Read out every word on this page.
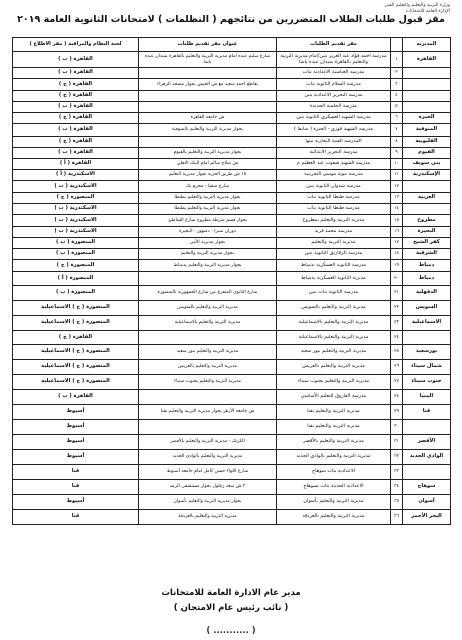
وزارة التربية والتعليم والتعليم الفني
الإدارة العامة للامتحانات
مقر قبول طلبات الطلاب المتضررين من نتائجهم ( التظلمات ) لامتحانات الثانوية العامة ٢٠١٩
المديرية		مقر تقديم الطلبات	عنوان مقر تقديم طلبات	لجنة النظام والمراقبة ( مقر الاطلاع )
القاهرة	١	مدرسة احمد فؤاد عبد العزيز بنين/امام مديرية التربية والتعليم بالقاهرة بميدان عبده باشا	شارع سليم عبده امام مديرية التربية والتعليم بالقاهرة بميدان عبده باشا	القاهرة ( ب )
	٢	مدرسة العباسية الاعدادية بنات		القاهرة ( ب )
	٣	مدرسة السلام الثانوية بنات	تقاطع احمد سعيد مع ش الجيش بجوار مسجد الزهراء	القاهرة ( ج )
	٤	مدرسة التحرير الاعدادية بنين		القاهرة ( ج )
	٥	مدرسة الحلمية الجديدة		القاهرة ( ب )
الجيزة	٦	مدرسة الشهيد العسكري الثانوية بنين	ش جامعة القاهرة	القاهرة ( ج )
المنوفية	٧	مدرسة الشهيد فوزي - الجيزة ( سابقا )	بجوار مديرية التربية والتعليم بالمنوفية	القاهرة ( ب )
القليوبية	٨	المدرسة الفنية التجارية ببنها		القاهرة ( ج )
الفيوم	٩	مدرسة التحرير الابتدائية	بجوار مديرية التربية والتعليم بالفيوم	القاهرة ( ب )
بني سويف	١٠	مدرسة الشهيد صفوت عبد العظيم م	ش صلاح سالم امام البنك الاهلي	القاهرة ( أ )
الإسكندرية	١١	مدرسة نبوية موسى التجريبية	١٥ ش طريق الحرية بجوار مديرية التعليم	الاسكندرية ( أ )
	١٢	مدرسة شدوان الثانوية بنين	شارع منشا - محرم بك	الاسكندرية ( ب )
الغربية	١٣	مدرسة طنطا الثانوية بنات	بجوار مديرية التربية والتعليم بطنطا	المنصورة ( ج )
	١٤	مدرسة طنطا الثانوية بنات	بجوار مديرية التربية والتعليم بطنطا	الاسكندرية ( ب )
مطروح	١٥	مديرية التربية والتعليم بمطروح	بجوار قسم شرطة مطروح شارع الشاطئ	الاسكندرية ( ب )
البحيرة	١٦	مدرسة محمد فريد	دوران شبرا - دمنهور - البحيرة	الاسكندرية ( ب )
كفر الشيخ	١٧	مديرية التربية والتعليم	بجوار مديرية الأمن	المنصورة ( ب )
الشرقية	١٨	مدرسة الزقازيق الثانوية بنين	بجوار مديرية التربية والتعليم	المنصورة ( ب )
دمياط	١٩	مدرسة الثانوية العسكرية بدمياط	بجوار مديرية التربية والتعليم بدمياط	المنصورة ( ج )
دمياط	٢٠	مديرية الثانوية العسكرية بدمياط		المنصورة ( أ )
الدقهلية	٢١	مدرسة الثانوية بنات بنين	شارع الثانوي المتفرع من شارع الجمهورية بالمنصورة	المنصورة ( ب )
السويس	٢٢	مديرية التربية والتعليم بالسويس	مديرية التربية والتعليم بالسويس	المنصورة ( ج ) الاسماعيلية
الاسماعيلية	٢٣	مديرية التربية والتعليم بالاسماعيلية	مديرية التربية والتعليم بالاسماعيلية	المنصورة ( ج ) الاسماعيلية
	٢٤	مديرية التربية والتعليم بالاسماعيلية		القاهرة ( ج )
بورسعيد	٢٥	مديرية التربية والتعليم ببور سعيد	مديرية التربية والتعليم ببور سعيد	المنصورة ( ج ) الاسماعيلية
شمال سيناء	٢٦	مديرية التربية والتعليم بالعريش	مديرية التربية والتعليم بالعريش	المنصورة ( ج ) الاسماعيلية
جنوب سيناء	٢٧	مديرية التربية والتعليم بجنوب سيناء	مديرية التربية والتعليم بجنوب سيناء	المنصورة ( ج ) الاسماعيلية
المنيا	٢٨	مدرسة الفاروق للتعليم الأساسي		القاهرة ( ب )
قنا	٢٩	مديرية التربية والتعليم بقنا	ش جامعة الأزهر بجوار مديرية التربية والتعليم بقنا	أسيوط
	٣٠	مديرية التربية والتعليم بقنا		أسيوط
الأقصر	٣١	مديرية التربية والتعليم بالأقصر	الكرنك - مديرية التربية والتعليم بالأقصر	أسيوط
الوادي الجديد	٣٢	مديرية التربية والتعليم بالوادي الجديد	مديرية التربية والتعليم بالوادي الجديد	أسيوط
	٣٣	الاعدادية بنات سوهاج	شارع اللواء حسن كامل امام جامعة أسيوط	قنا
سوهاج	٣٤	الاعدادية الحديثة بنات بسوهاج	٢ ش سعد زغلول بجوار مستشفى الرمد	قنا
أسوان	٣٥	مديرية التربية والتعليم بأسوان	بجوار مديرية التربية والتعليم بأسوان	أسيوط
البحر الأحمر	٣٦	مديرية التربية والتعليم بالغردقة	مديرية التربية والتعليم بالغردقة	قنا
مدير عام الادارة العامة للامتحانات
( نائب رئيس عام الامتحان )
( ........... )
